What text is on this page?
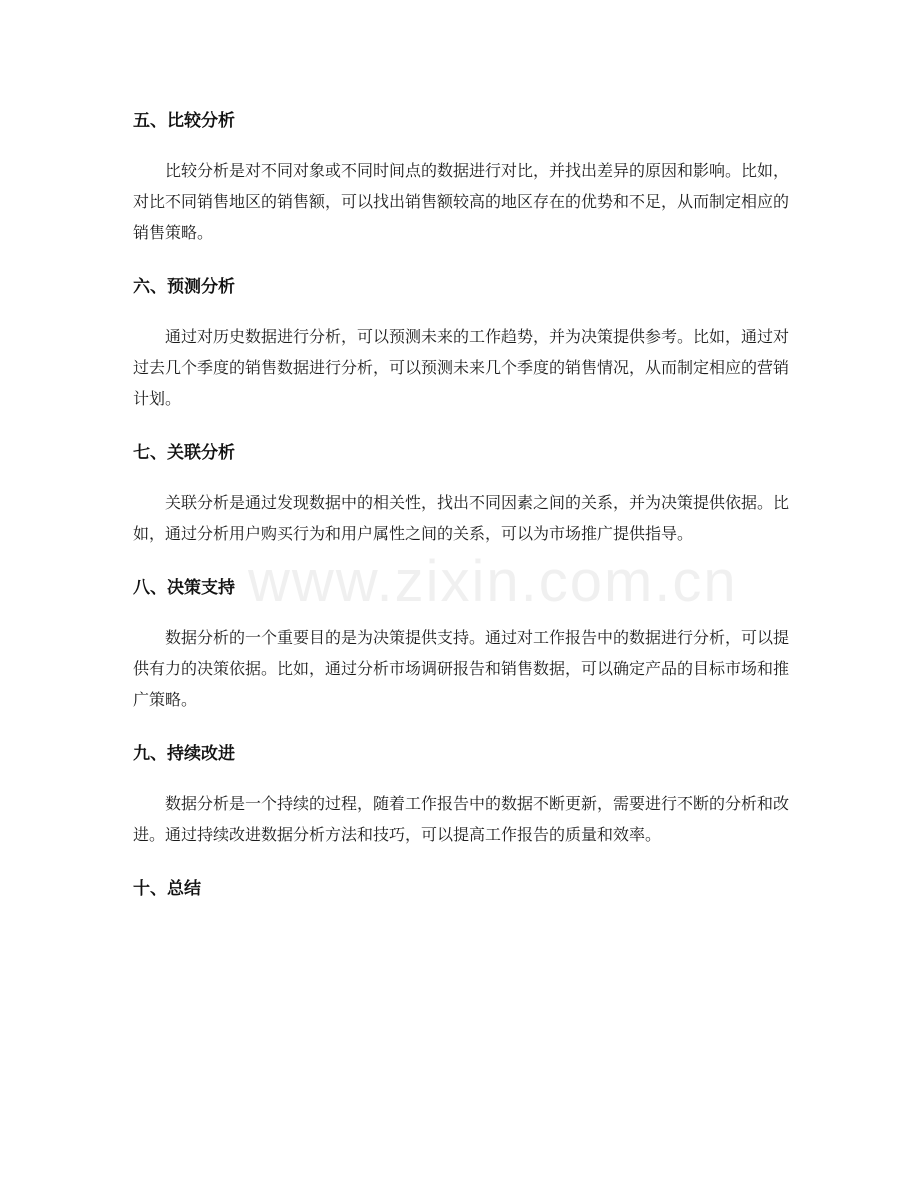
五、比较分析

比较分析是对不同对象或不同时间点的数据进行对比，并找出差异的原因和影响。比如，对比不同销售地区的销售额，可以找出销售额较高的地区存在的优势和不足，从而制定相应的销售策略。

六、预测分析

通过对历史数据进行分析，可以预测未来的工作趋势，并为决策提供参考。比如，通过对过去几个季度的销售数据进行分析，可以预测未来几个季度的销售情况，从而制定相应的营销计划。

七、关联分析

关联分析是通过发现数据中的相关性，找出不同因素之间的关系，并为决策提供依据。比如，通过分析用户购买行为和用户属性之间的关系，可以为市场推广提供指导。

八、决策支持

数据分析的一个重要目的是为决策提供支持。通过对工作报告中的数据进行分析，可以提供有力的决策依据。比如，通过分析市场调研报告和销售数据，可以确定产品的目标市场和推广策略。

九、持续改进

数据分析是一个持续的过程，随着工作报告中的数据不断更新，需要进行不断的分析和改进。通过持续改进数据分析方法和技巧，可以提高工作报告的质量和效率。

十、总结
www.zixin.com.cn
